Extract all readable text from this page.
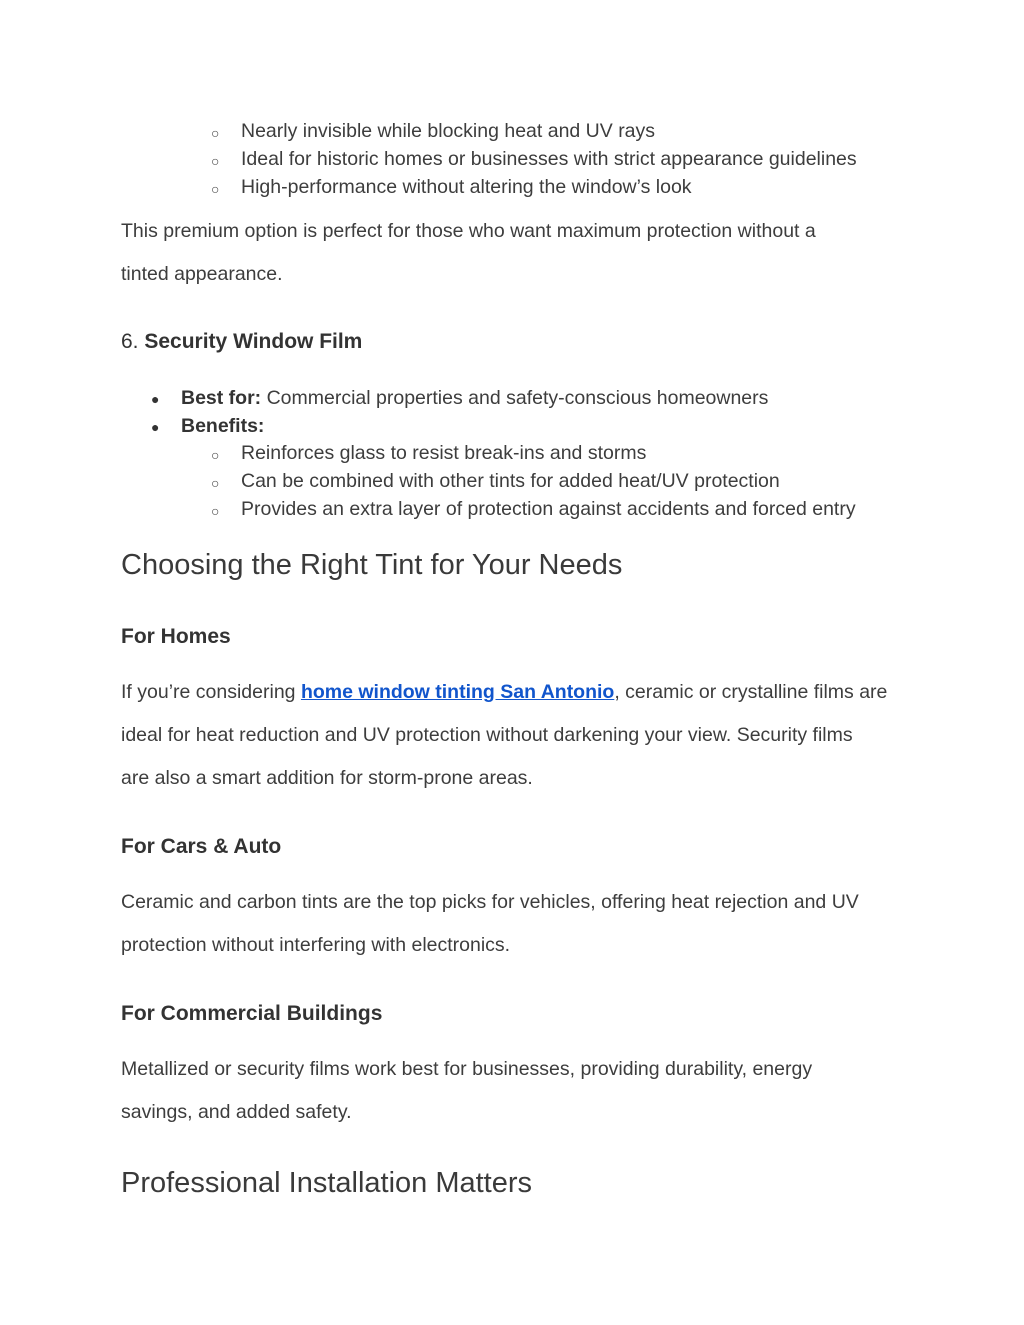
○ Nearly invisible while blocking heat and UV rays
○ Ideal for historic homes or businesses with strict appearance guidelines
○ High-performance without altering the window’s look
This premium option is perfect for those who want maximum protection without a
tinted appearance.
6. Security Window Film
● Best for: Commercial properties and safety-conscious homeowners
● Benefits:
○ Reinforces glass to resist break-ins and storms
○ Can be combined with other tints for added heat/UV protection
○ Provides an extra layer of protection against accidents and forced entry
Choosing the Right Tint for Your Needs
For Homes
If you’re considering home window tinting San Antonio, ceramic or crystalline films are
ideal for heat reduction and UV protection without darkening your view. Security films
are also a smart addition for storm-prone areas.
For Cars & Auto
Ceramic and carbon tints are the top picks for vehicles, offering heat rejection and UV
protection without interfering with electronics.
For Commercial Buildings
Metallized or security films work best for businesses, providing durability, energy
savings, and added safety.
Professional Installation Matters
